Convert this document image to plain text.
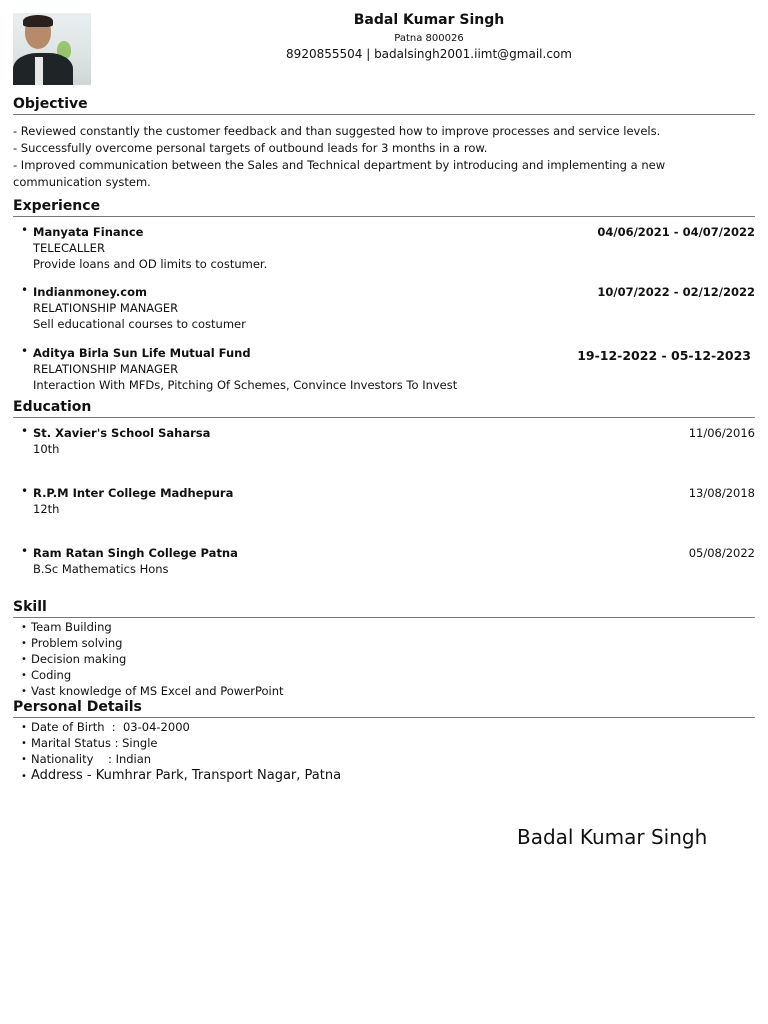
Badal Kumar Singh
Patna 800026
8920855504 | badalsingh2001.iimt@gmail.com
Objective
- Reviewed constantly the customer feedback and than suggested how to improve processes and service levels.
- Successfully overcome personal targets of outbound leads for 3 months in a row.
- Improved communication between the Sales and Technical department by introducing and implementing a new communication system.
Experience
• Manyata Finance	04/06/2021 - 04/07/2022
TELECALLER
Provide loans and OD limits to costumer.
• Indianmoney.com	10/07/2022 - 02/12/2022
RELATIONSHIP MANAGER
Sell educational courses to costumer
• Aditya Birla Sun Life Mutual Fund	19-12-2022 - 05-12-2023
RELATIONSHIP MANAGER
Interaction With MFDs, Pitching Of Schemes, Convince Investors To Invest
Education
• St. Xavier's School Saharsa	11/06/2016
10th
• R.P.M Inter College Madhepura	13/08/2018
12th
• Ram Ratan Singh College Patna	05/08/2022
B.Sc Mathematics Hons
Skill
• Team Building
• Problem solving
• Decision making
• Coding
• Vast knowledge of MS Excel and PowerPoint
Personal Details
• Date of Birth  :  03-04-2000
• Marital Status : Single
• Nationality    : Indian
• Address - Kumhrar Park, Transport Nagar, Patna
Badal Kumar Singh
